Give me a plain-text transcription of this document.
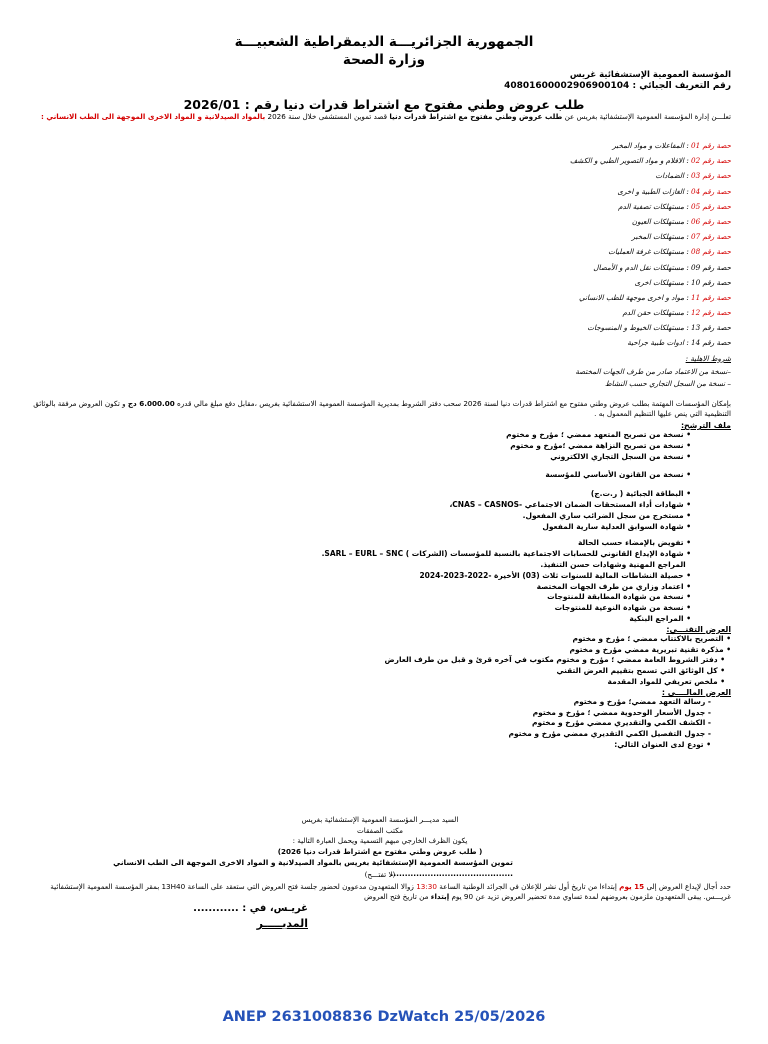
الجمهورية الجزائريـــة الديمقراطية الشعبيـــة
وزارة الصحة
المؤسسة العمومية الإستشفائية غريس
رقم التعريف الجبائي : 408016000029069001‪04
طلب عروض وطني مفتوح مع اشتراط قدرات دنيا رقم : 2026/01
تعلـــن إدارة المؤسسة العمومية الإستشفائية بغريس عن طلب عروض وطني مفتوح مع اشتراط قدرات دنيا قصد تموين المستشفى خلال سنة 2026 بالمواد الصيدلانية و المواد الاخرى الموجهة الى الطب الانساني :
حصة رقم 01 : المفاعلات و مواد المخبر
حصة رقم 02 : الافلام و مواد التصوير الطبي و الكشف
حصة رقم 03 : الضمادات
حصة رقم 04 : الغازات الطبية و اخرى
حصة رقم 05 : مستهلكات تصفية الدم
حصة رقم 06 : مستهلكات العيون
حصة رقم 07 : مستهلكات المخبر
حصة رقم 08 : مستهلكات غرفة العمليات
حصة رقم 09 : مستهلكات نقل الدم و الأمصال
حصة رقم 10 : مستهلكات اخرى
حصة رقم 11 : مواد و اخرى موجهة للطب الانساني
حصة رقم 12 : مستهلكات حقن الدم
حصة رقم 13 : مستهلكات الخيوط و المنسوجات
حصة رقم 14 : ادوات طبية جراحية
شروط الاهلية :
–نسخة من الاعتماد صادر من طرف الجهات المختصة
– نسخة من السجل التجاري حسب النشاط
بإمكان المؤسسات المهتمة بطلب عروض وطني مفتوح مع اشتراط قدرات دنيا لسنة 2026 سحب دفتر الشروط بمديرية المؤسسة العمومية الاستشفائية بغريس ،مقابل دفع مبلغ مالي قدره 6.000.00 دج و تكون العروض مرفقة بالوثائق التنظيمية التي ينص عليها التنظيم المعمول به .
ملف الترشح:
• نسخة من تصريح المتعهد ممضي ؛ مؤرخ و مختوم
• نسخة من تصريح النزاهة ممضي ؛مؤرخ و مختوم
• نسخة من السجل التجاري الالكتروني
• نسخة من القانون الأساسي للمؤسسة
• البطاقة الجبائية ( ر.ت.ج)
• شهادات أداء المستحقات الضمان الاجتماعي -CNAS – CASNOS،
• مستخرج من سجل الضرائب ساري المفعول.
• شهادة السوابق العدلية سارية المفعول
• تفويض بالإمضاء حسب الحالة
• شهادة الإيداع القانوني للحسابات الاجتماعية بالنسبة للمؤسسات (الشركات ) SARL – EURL – SNC.
المراجع المهنية وشهادات حسن التنفيذ.
• حصيلة النشاطات المالية للسنوات ثلاث (03) الأخيرة -2022-2023-2024
• اعتماد وزاري من طرف الجهات المختصة
• نسخة من شهادة المطابقة للمنتوجات
• نسخة من شهادة النوعية للمنتوجات
• المراجع البنكية
العرض التقنـــي:
• التصريح بالاكتتاب ممضي ؛ مؤرخ و مختوم
• مذكرة تقنية تبريرية ممضي مؤرخ و مختوم
• دفتر الشروط العامة ممضي ؛ مؤرخ و مختوم مكتوب في آخره قرئ و قبل من طرف العارض
• كل الوثائق التي تسمح بتقييم العرض التقني
• ملخص تعريفي للمواد المقدمة
العرض المالــــي :
- رسالة التعهد ممضي؛ مؤرخ و مختوم
- جدول الأسعار الوحدوية ممضي ؛ مؤرخ و مختوم
- الكشف الكمي والتقديري ممضي مؤرخ و مختوم
- جدول التفصيل الكمي التقديري ممضي مؤرخ و مختوم
• تودع لدى العنوان التالي:
السيد مديـــر المؤسسة العمومية الإستشفائية بغريس
مكتب الصفقات
يكون الظرف الخارجي مبهم التسمية ويحمل العبارة التالية :
( طلب عروض وطني مفتوح مع اشتراط قدرات دنيا 2026)
تموين المؤسسة العمومية الإستشفائية بغريس بالمواد الصيدلانية و المواد الاخرى الموجهة الى الطب الانساني ...........................................
(لا تفتـــح)
حدد أجال لإيداع العروض إلى 15 يوم إبتداءا من تاريخ أول نشر للإعلان في الجرائد الوطنية الساعة 13:30 زوالا المتعهدون مدعوون لحضور جلسة فتح العروض التي ستعقد على الساعة 13H40 بمقر المؤسسة العمومية الإستشفائية غريـــس. يبقى المتعهدون ملزمون بعروضهم لمدة تساوي مدة تحضير العروض تزيد عن 90 يوم إبتداء من تاريخ فتح العروض
غريـس، في : ............
المديـــــر
ANEP 2631008836 DzWatch 25/05/2026
